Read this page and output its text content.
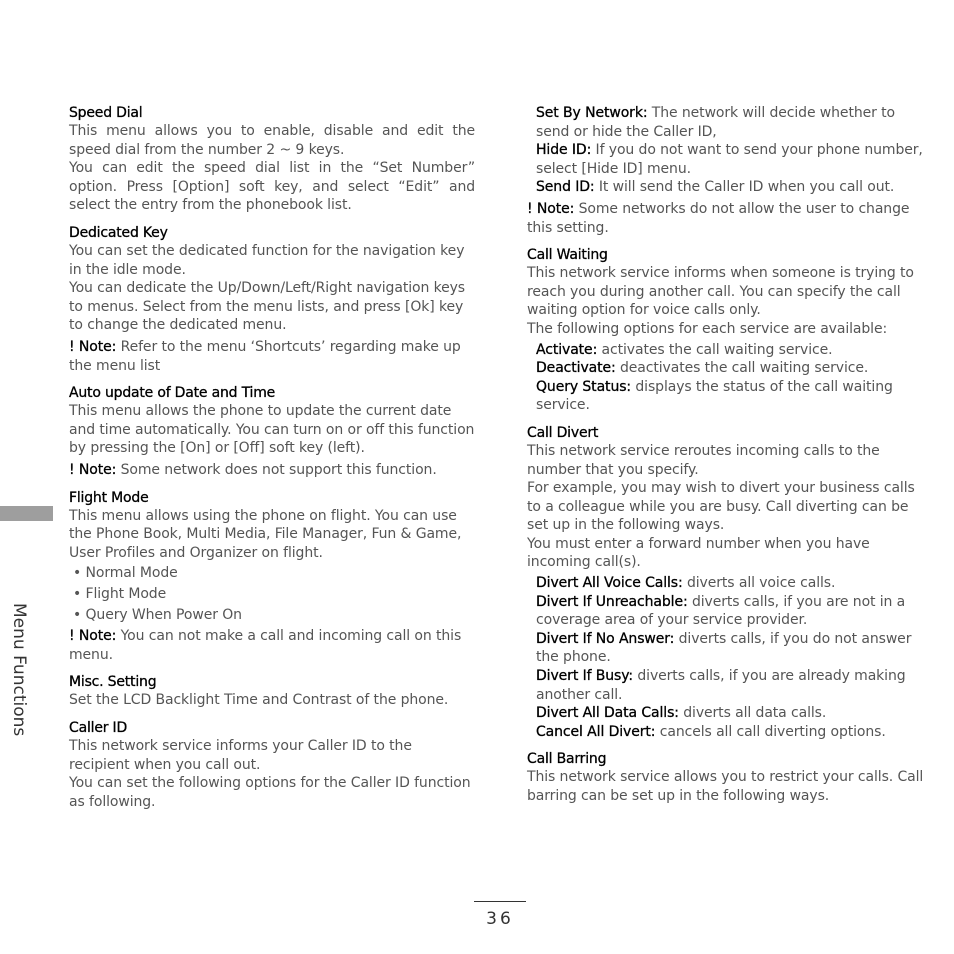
Menu Functions
Speed Dial

This menu allows you to enable, disable and edit the speed dial from the number 2 ~ 9 keys.

You can edit the speed dial list in the “Set Number” option. Press [Option] soft key, and select “Edit” and select the entry from the phonebook list.

Dedicated Key

You can set the dedicated function for the navigation key in the idle mode.

You can dedicate the Up/Down/Left/Right navigation keys to menus. Select from the menu lists, and press [Ok] key to change the dedicated menu.

! Note: Refer to the menu ‘Shortcuts’ regarding make up the menu list

Auto update of Date and Time

This menu allows the phone to update the current date and time automatically. You can turn on or off this function by pressing the [On] or [Off] soft key (left).

! Note: Some network does not support this function.

Flight Mode

This menu allows using the phone on flight. You can use the Phone Book, Multi Media, File Manager, Fun & Game, User Profiles and Organizer on flight.

• Normal Mode

• Flight Mode

• Query When Power On

! Note: You can not make a call and incoming call on this menu.

Misc. Setting

Set the LCD Backlight Time and Contrast of the phone.

Caller ID

This network service informs your Caller ID to the recipient when you call out.

You can set the following options for the Caller ID function as following.

Set By Network: The network will decide whether to send or hide the Caller ID,

Hide ID: If you do not want to send your phone number, select [Hide ID] menu.

Send ID: It will send the Caller ID when you call out.

! Note: Some networks do not allow the user to change this setting.

Call Waiting

This network service informs when someone is trying to reach you during another call. You can specify the call waiting option for voice calls only.

The following options for each service are available:

Activate: activates the call waiting service.

Deactivate: deactivates the call waiting service.

Query Status: displays the status of the call waiting service.

Call Divert

This network service reroutes incoming calls to the number that you specify.

For example, you may wish to divert your business calls to a colleague while you are busy. Call diverting can be set up in the following ways.

You must enter a forward number when you have incoming call(s).

Divert All Voice Calls: diverts all voice calls.

Divert If Unreachable: diverts calls, if you are not in a coverage area of your service provider.

Divert If No Answer: diverts calls, if you do not answer the phone.

Divert If Busy: diverts calls, if you are already making another call.

Divert All Data Calls: diverts all data calls.

Cancel All Divert: cancels all call diverting options.

Call Barring

This network service allows you to restrict your calls. Call barring can be set up in the following ways.

36
